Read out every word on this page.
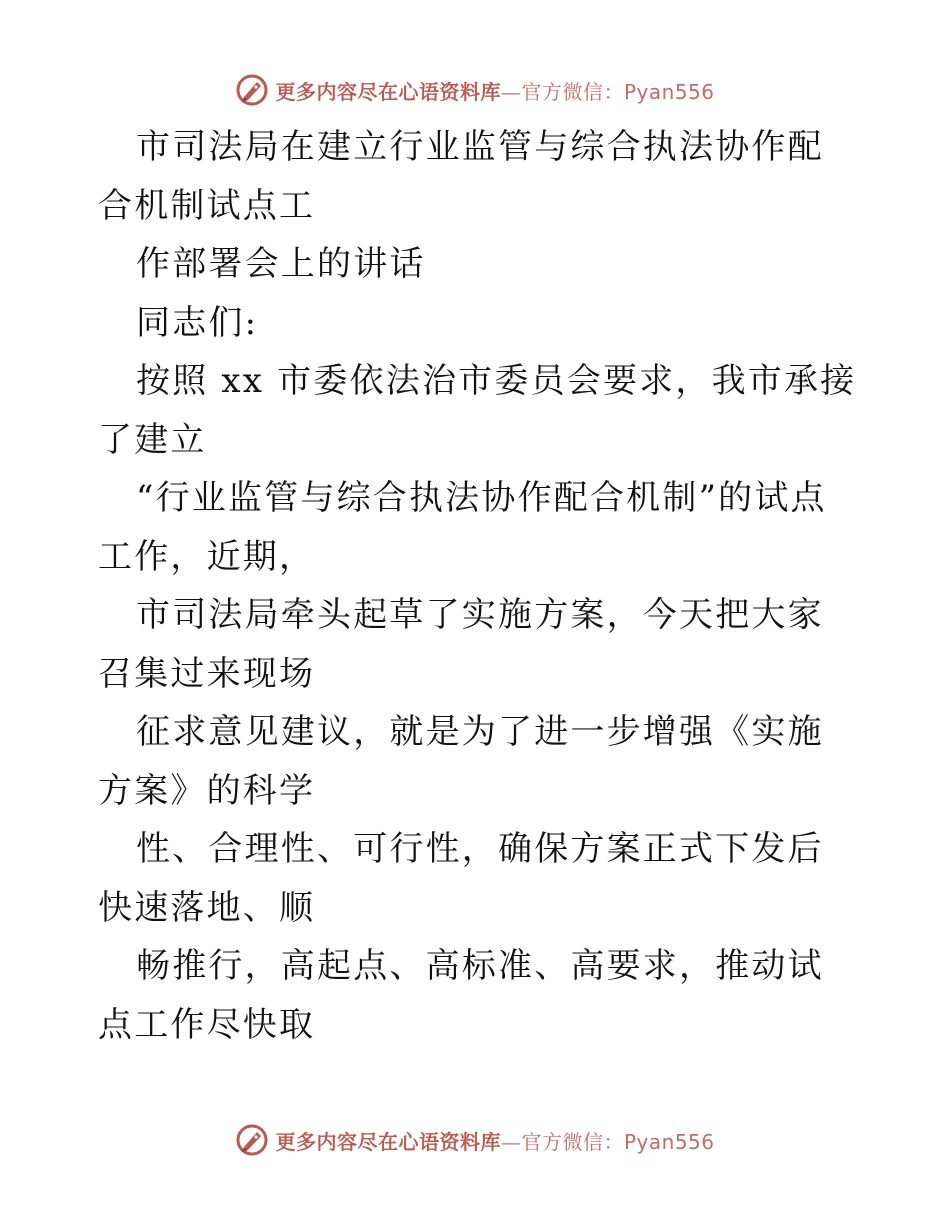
更多内容尽在心语资料库—官方微信：Pyan556

市司法局在建立行业监管与综合执法协作配合机制试点工

作部署会上的讲话

同志们:

按照 xx 市委依法治市委员会要求，我市承接了建立

“行业监管与综合执法协作配合机制”的试点工作，近期，

市司法局牵头起草了实施方案，今天把大家召集过来现场

征求意见建议，就是为了进一步增强《实施方案》的科学

性、合理性、可行性，确保方案正式下发后快速落地、顺

畅推行，高起点、高标准、高要求，推动试点工作尽快取

更多内容尽在心语资料库—官方微信：Pyan556
